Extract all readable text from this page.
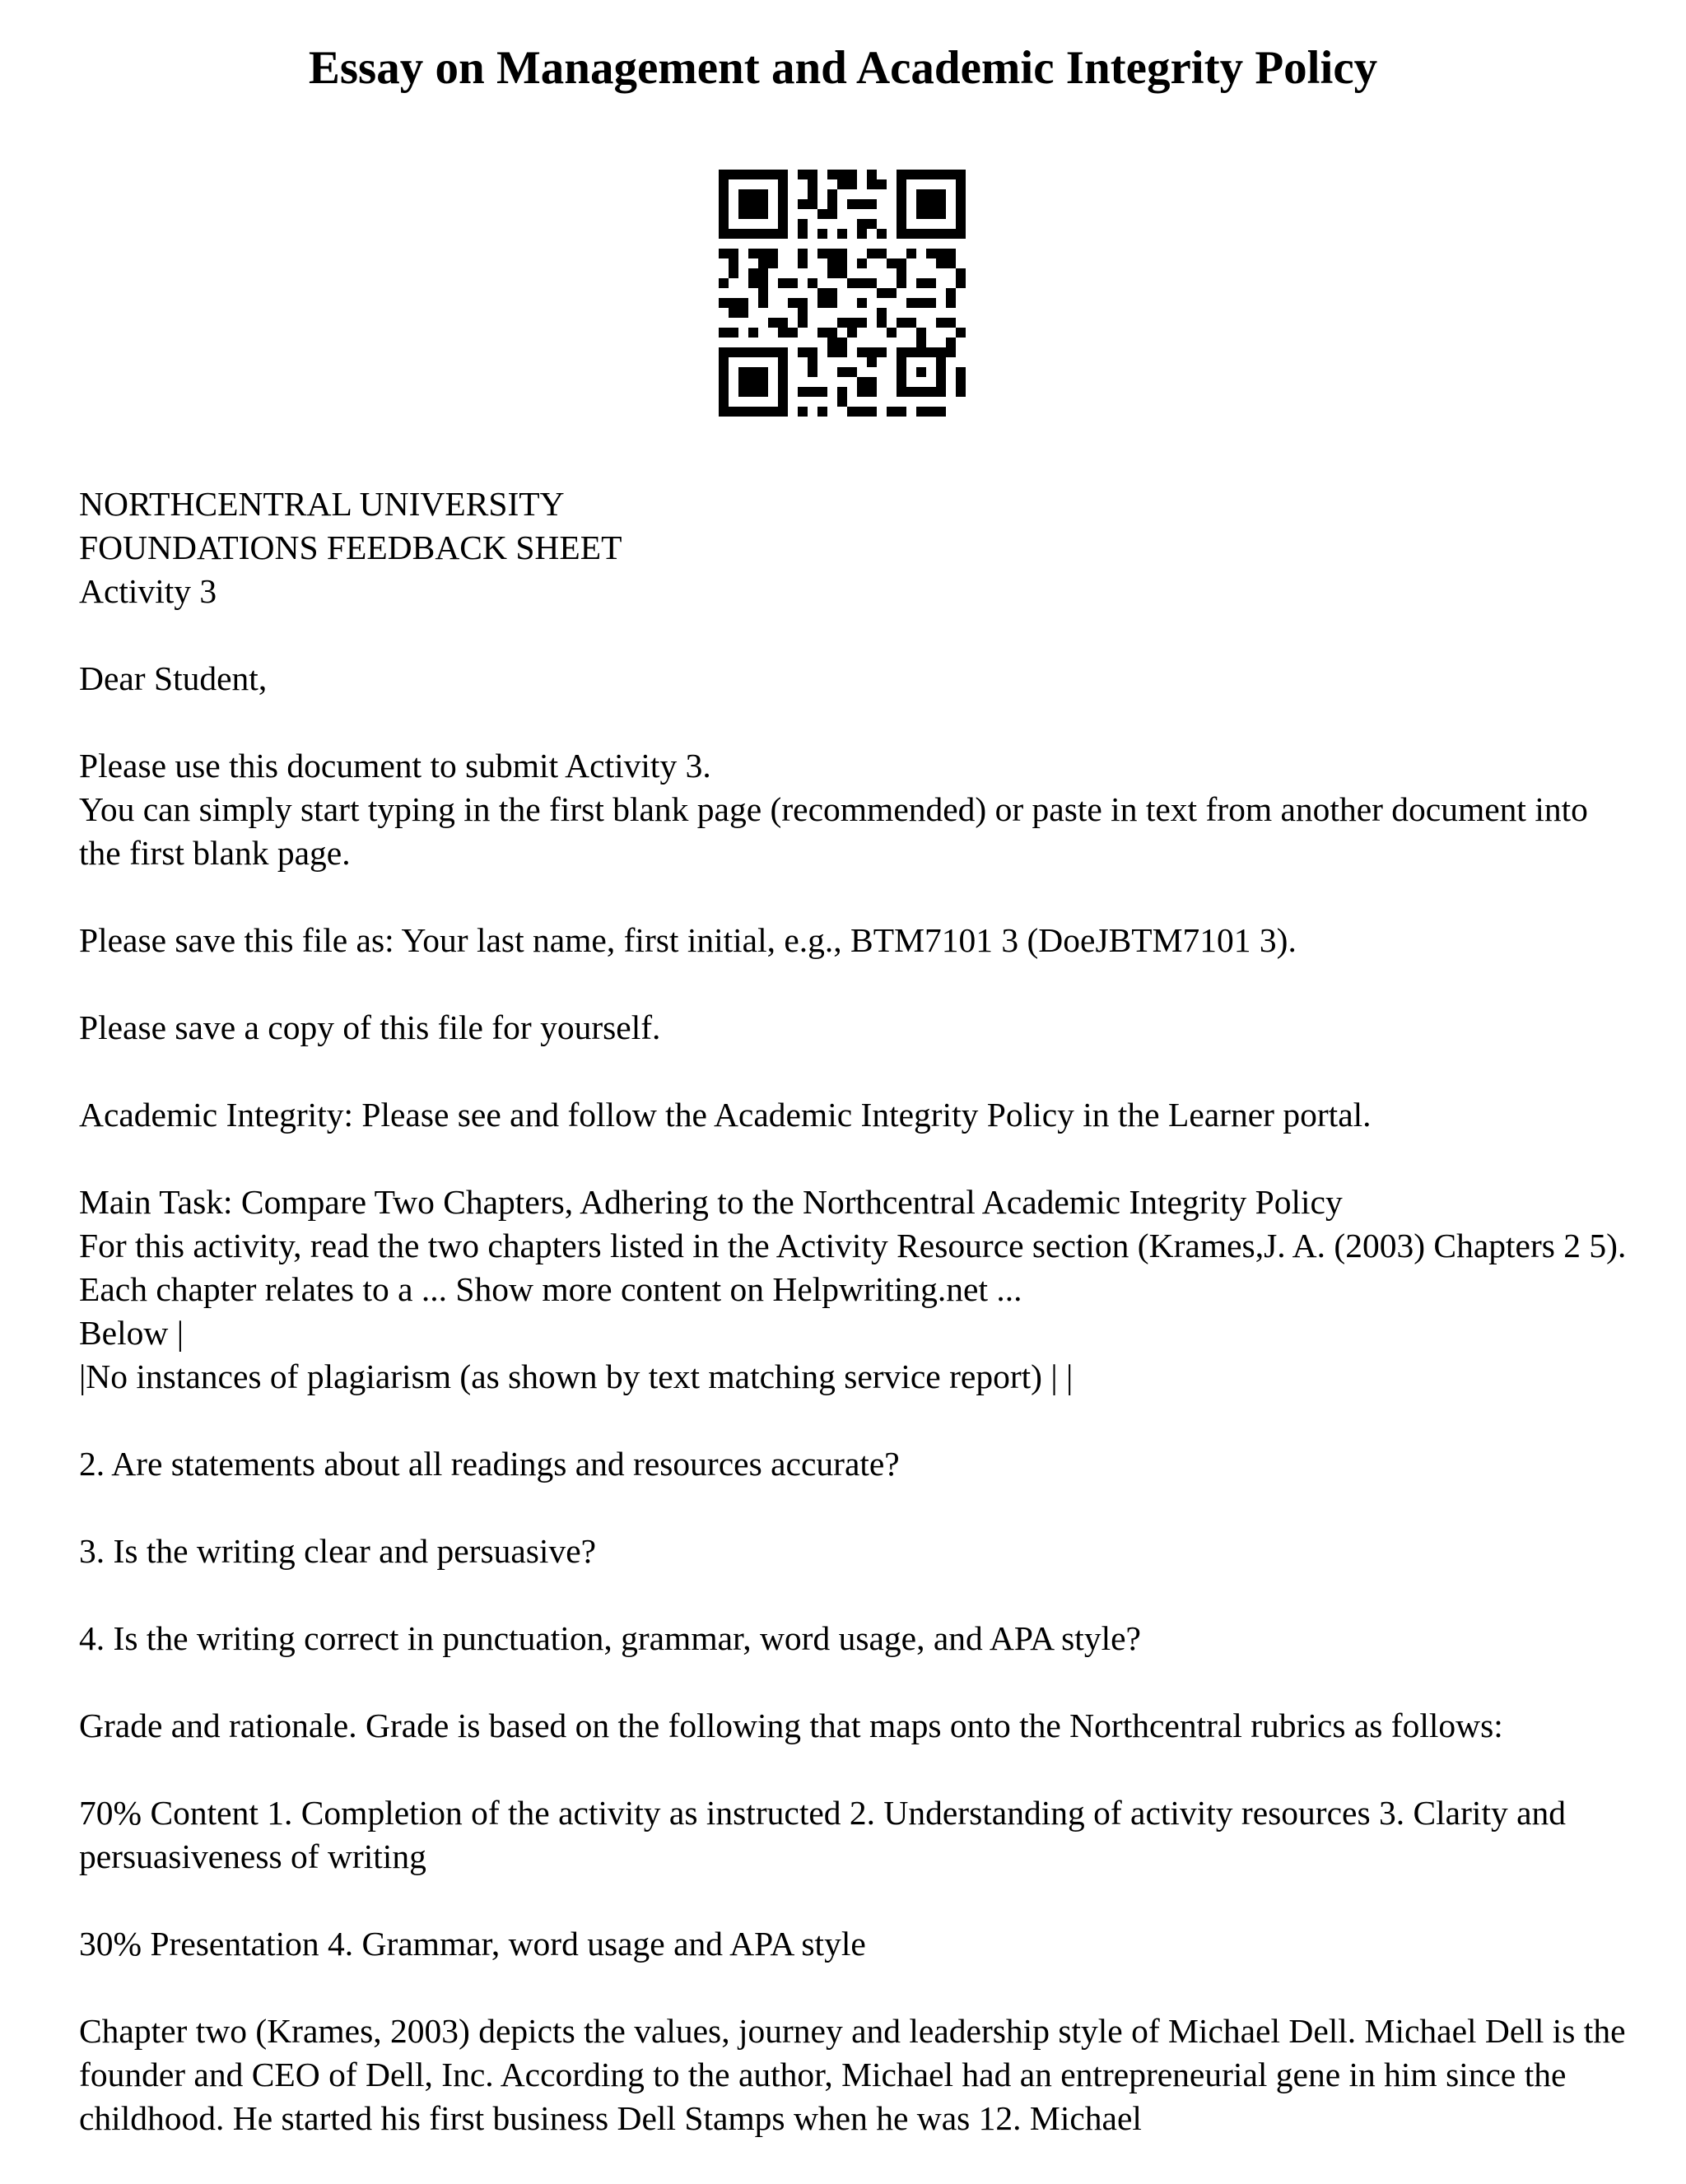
Essay on Management and Academic Integrity Policy

NORTHCENTRAL UNIVERSITY
FOUNDATIONS FEEDBACK SHEET
Activity 3

Dear Student,

Please use this document to submit Activity 3.
You can simply start typing in the first blank page (recommended) or paste in text from another document into the first blank page.

Please save this file as: Your last name, first initial, e.g., BTM7101 3 (DoeJBTM7101 3).

Please save a copy of this file for yourself.

Academic Integrity: Please see and follow the Academic Integrity Policy in the Learner portal.

Main Task: Compare Two Chapters, Adhering to the Northcentral Academic Integrity Policy
For this activity, read the two chapters listed in the Activity Resource section (Krames,J. A. (2003) Chapters 2 5). Each chapter relates to a ... Show more content on Helpwriting.net ...
Below |
|No instances of plagiarism (as shown by text matching service report) | |

2. Are statements about all readings and resources accurate?

3. Is the writing clear and persuasive?

4. Is the writing correct in punctuation, grammar, word usage, and APA style?

Grade and rationale. Grade is based on the following that maps onto the Northcentral rubrics as follows:

70% Content 1. Completion of the activity as instructed 2. Understanding of activity resources 3. Clarity and persuasiveness of writing

30% Presentation 4. Grammar, word usage and APA style

Chapter two (Krames, 2003) depicts the values, journey and leadership style of Michael Dell. Michael Dell is the founder and CEO of Dell, Inc. According to the author, Michael had an entrepreneurial gene in him since the childhood. He started his first business Dell Stamps when he was 12. Michael
